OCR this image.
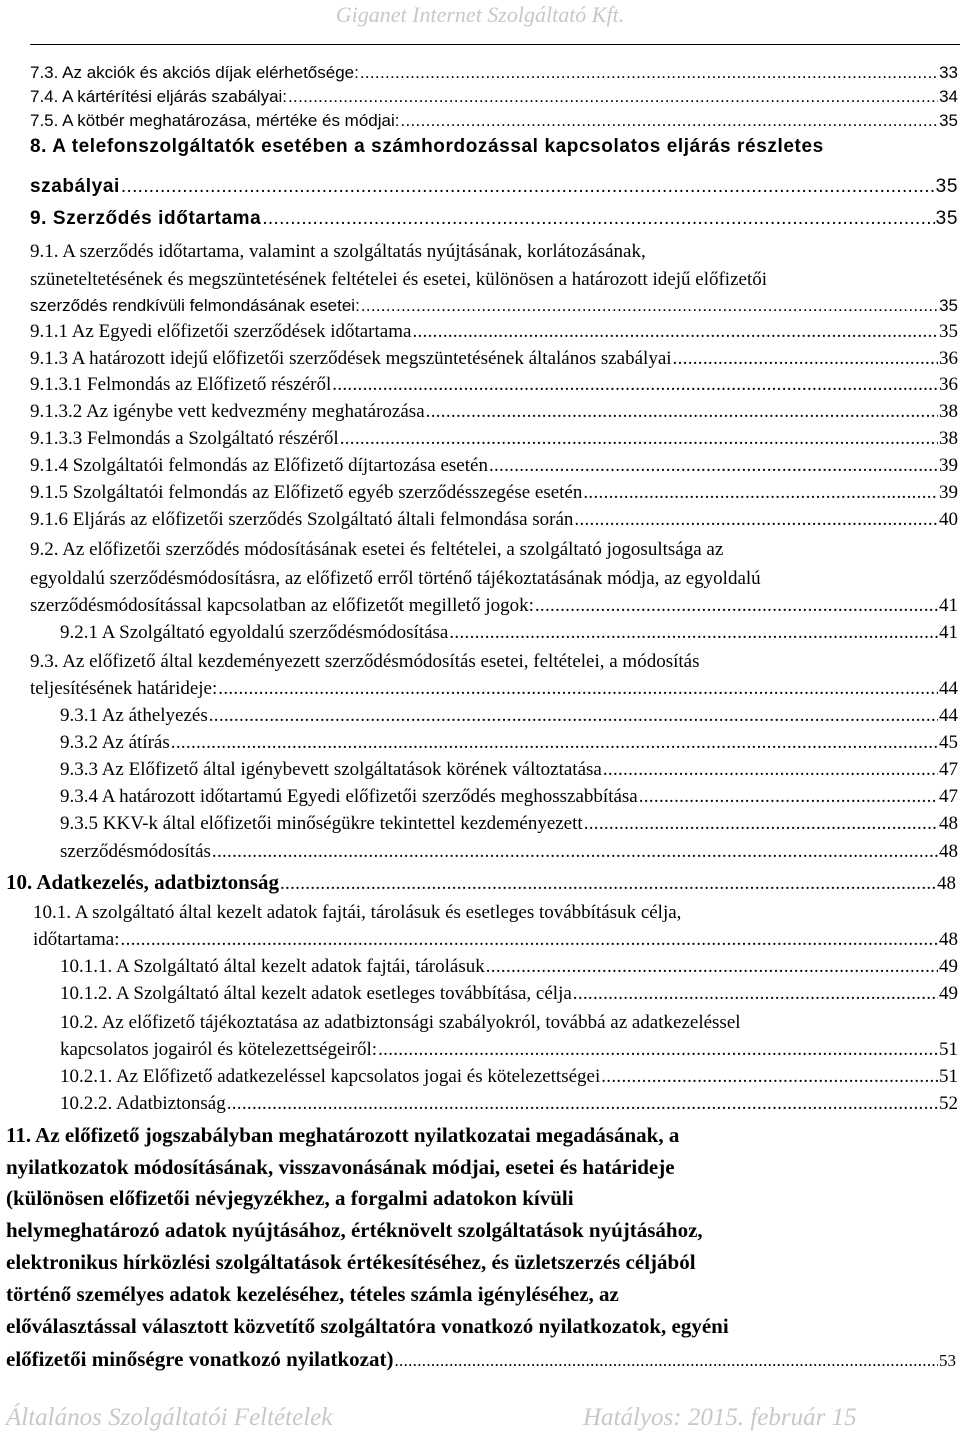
Giganet Internet Szolgáltató Kft.
7.3. Az akciók és akciós díjak elérhetősége: .....	33
7.4. A kártérítési eljárás szabályai: .....	34
7.5. A kötbér meghatározása, mértéke és módjai: .....	35
8. A telefonszolgáltatók esetében a számhordozással kapcsolatos eljárás részletes
szabályai .....	35
9. Szerződés időtartama .....	35
9.1. A szerződés időtartama, valamint a szolgáltatás nyújtásának, korlátozásának,
szüneteltetésének és megszüntetésének feltételei és esetei, különösen a határozott idejű előfizetői
szerződés rendkívüli felmondásának esetei: .....	35
9.1.1 Az Egyedi előfizetői szerződések időtartama .....	35
9.1.3 A határozott idejű előfizetői szerződések megszüntetésének általános szabályai .....	36
9.1.3.1 Felmondás az Előfizető részéről .....	36
9.1.3.2 Az igénybe vett kedvezmény meghatározása .....	38
9.1.3.3 Felmondás a Szolgáltató részéről .....	38
9.1.4 Szolgáltatói felmondás az Előfizető díjtartozása esetén .....	39
9.1.5 Szolgáltatói felmondás az Előfizető egyéb szerződésszegése esetén .....	39
9.1.6 Eljárás az előfizetői szerződés Szolgáltató általi felmondása során .....	40
9.2. Az előfizetői szerződés módosításának esetei és feltételei, a szolgáltató jogosultsága az
egyoldalú szerződésmódosításra, az előfizető erről történő tájékoztatásának módja, az egyoldalú
szerződésmódosítással kapcsolatban az előfizetőt megillető jogok: .....	41
9.2.1 A Szolgáltató egyoldalú szerződésmódosítása .....	41
9.3. Az előfizető által kezdeményezett szerződésmódosítás esetei, feltételei, a módosítás
teljesítésének határideje: .....	44
9.3.1 Az áthelyezés .....	44
9.3.2 Az átírás .....	45
9.3.3 Az Előfizető által igénybevett szolgáltatások körének változtatása .....	47
9.3.4 A határozott időtartamú Egyedi előfizetői szerződés meghosszabbítása .....	47
9.3.5 KKV-k által előfizetői minőségükre tekintettel kezdeményezett .....	48
szerződésmódosítás .....	48
10. Adatkezelés, adatbiztonság .....	48
10.1. A szolgáltató által kezelt adatok fajtái, tárolásuk és esetleges továbbításuk célja,
időtartama: .....	48
10.1.1. A Szolgáltató által kezelt adatok fajtái, tárolásuk .....	49
10.1.2. A Szolgáltató által kezelt adatok esetleges továbbítása, célja .....	49
10.2. Az előfizető tájékoztatása az adatbiztonsági szabályokról, továbbá az adatkezeléssel
kapcsolatos jogairól és kötelezettségeiről: .....	51
10.2.1. Az Előfizető adatkezeléssel kapcsolatos jogai és kötelezettségei .....	51
10.2.2. Adatbiztonság .....	52
11. Az előfizető jogszabályban meghatározott nyilatkozatai megadásának, a
nyilatkozatok módosításának, visszavonásának módjai, esetei és határideje
(különösen előfizetői névjegyzékhez, a forgalmi adatokon kívüli
helymeghatározó adatok nyújtásához, értéknövelt szolgáltatások nyújtásához,
elektronikus hírközlési szolgáltatások értékesítéséhez, és üzletszerzés céljából
történő személyes adatok kezeléséhez, tételes számla igényléséhez, az
előválasztással választott közvetítő szolgáltatóra vonatkozó nyilatkozatok, egyéni
előfizetői minőségre vonatkozó nyilatkozat) .....	53
Általános Szolgáltatói Feltételek	Hatályos: 2015. február 15
